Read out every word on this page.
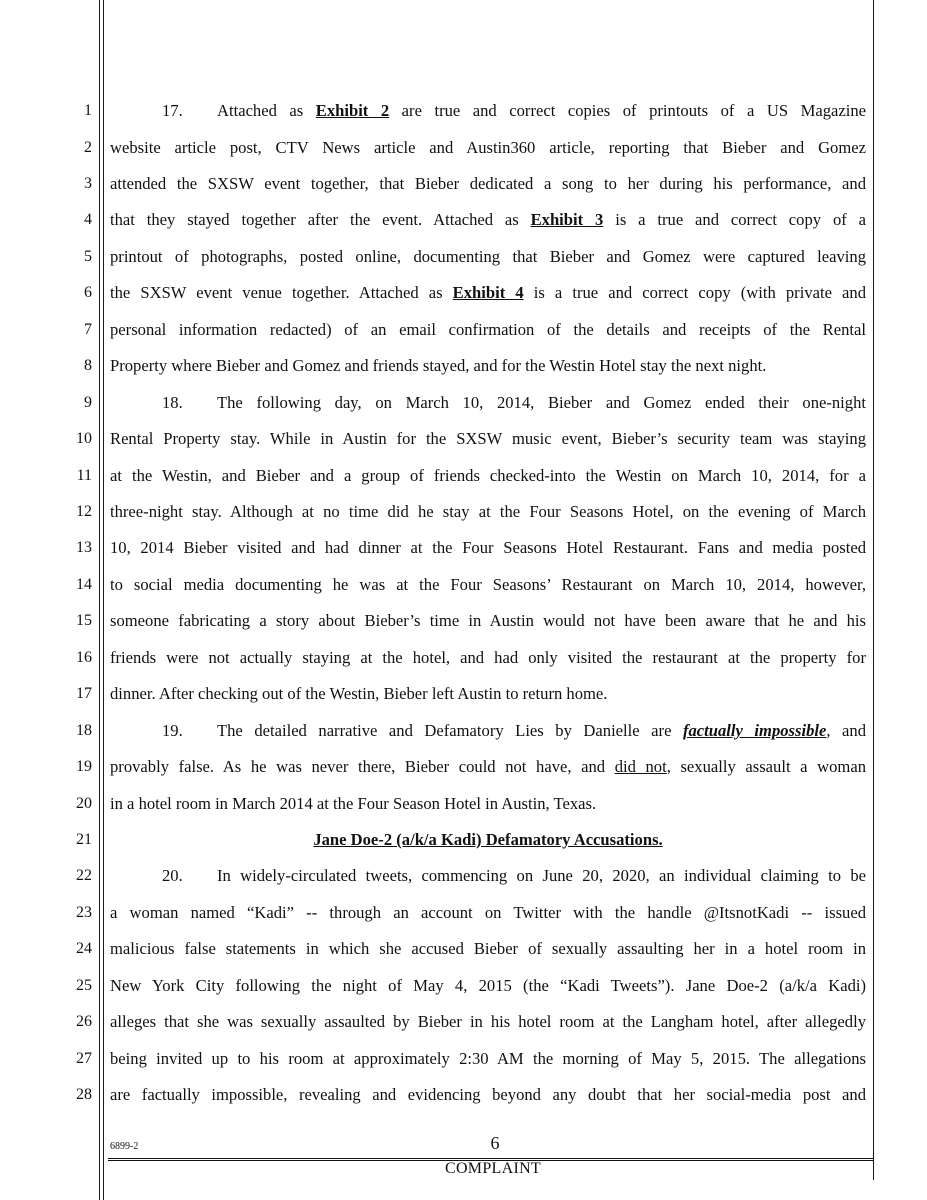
1
2
3
4
5
6
7
8
9
10
11
12
13
14
15
16
17
18
19
20
21
22
23
24
25
26
27
28
17. Attached as Exhibit 2 are true and correct copies of printouts of a US Magazine
website article post, CTV News article and Austin360 article, reporting that Bieber and Gomez
attended the SXSW event together, that Bieber dedicated a song to her during his performance, and
that they stayed together after the event. Attached as Exhibit 3 is a true and correct copy of a
printout of photographs, posted online, documenting that Bieber and Gomez were captured leaving
the SXSW event venue together. Attached as Exhibit 4 is a true and correct copy (with private and
personal information redacted) of an email confirmation of the details and receipts of the Rental
Property where Bieber and Gomez and friends stayed, and for the Westin Hotel stay the next night.
18. The following day, on March 10, 2014, Bieber and Gomez ended their one-night
Rental Property stay. While in Austin for the SXSW music event, Bieber’s security team was staying
at the Westin, and Bieber and a group of friends checked-into the Westin on March 10, 2014, for a
three-night stay. Although at no time did he stay at the Four Seasons Hotel, on the evening of March
10, 2014 Bieber visited and had dinner at the Four Seasons Hotel Restaurant. Fans and media posted
to social media documenting he was at the Four Seasons’ Restaurant on March 10, 2014, however,
someone fabricating a story about Bieber’s time in Austin would not have been aware that he and his
friends were not actually staying at the hotel, and had only visited the restaurant at the property for
dinner. After checking out of the Westin, Bieber left Austin to return home.
19. The detailed narrative and Defamatory Lies by Danielle are factually impossible, and
provably false. As he was never there, Bieber could not have, and did not, sexually assault a woman
in a hotel room in March 2014 at the Four Season Hotel in Austin, Texas.
Jane Doe-2 (a/k/a Kadi) Defamatory Accusations.
20. In widely-circulated tweets, commencing on June 20, 2020, an individual claiming to be
a woman named “Kadi” -- through an account on Twitter with the handle @ItsnotKadi -- issued
malicious false statements in which she accused Bieber of sexually assaulting her in a hotel room in
New York City following the night of May 4, 2015 (the “Kadi Tweets”). Jane Doe-2 (a/k/a Kadi)
alleges that she was sexually assaulted by Bieber in his hotel room at the Langham hotel, after allegedly
being invited up to his room at approximately 2:30 AM the morning of May 5, 2015. The allegations
are factually impossible, revealing and evidencing beyond any doubt that her social-media post and
6899-2	6
COMPLAINT
